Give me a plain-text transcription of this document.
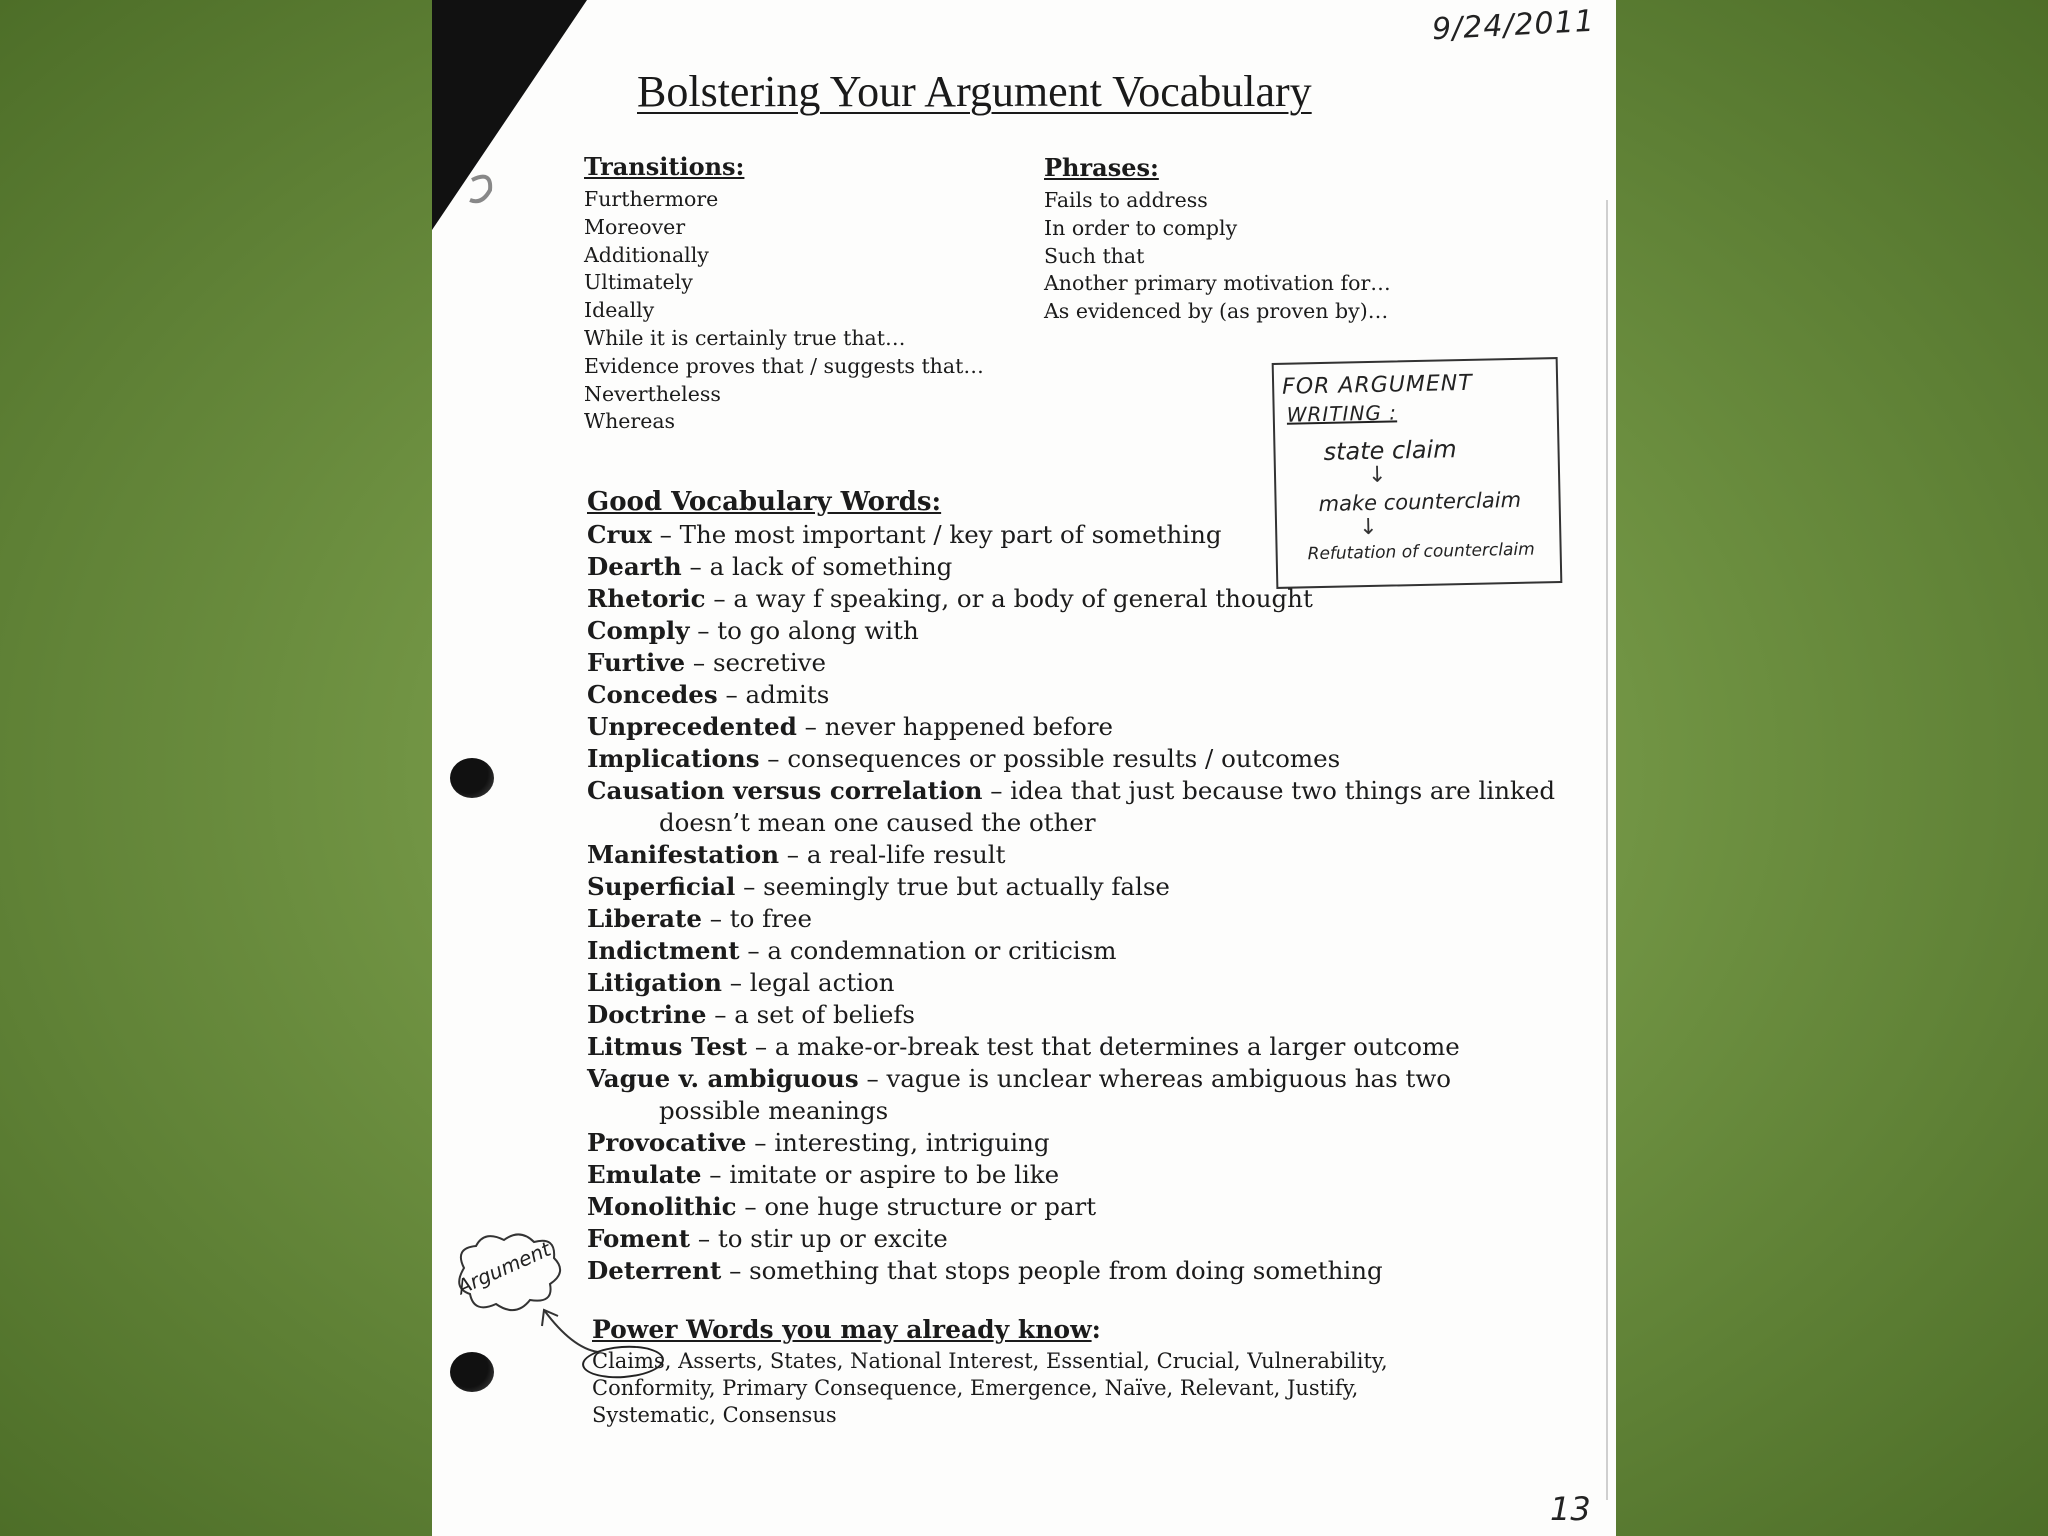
9/24/2011
Bolstering Your Argument Vocabulary
Transitions:
Furthermore
Moreover
Additionally
Ultimately
Ideally
While it is certainly true that…
Evidence proves that / suggests that…
Nevertheless
Whereas
Phrases:
Fails to address
In order to comply
Such that
Another primary motivation for…
As evidenced by (as proven by)…
FOR ARGUMENT
WRITING :
state claim
↓
make counterclaim
↓
Refutation of counterclaim
Good Vocabulary Words:
Crux – The most important / key part of something
Dearth – a lack of something
Rhetoric – a way f speaking, or a body of general thought
Comply – to go along with
Furtive – secretive
Concedes – admits
Unprecedented – never happened before
Implications – consequences or possible results / outcomes
Causation versus correlation – idea that just because two things are linked
doesn’t mean one caused the other
Manifestation – a real-life result
Superficial – seemingly true but actually false
Liberate – to free
Indictment – a condemnation or criticism
Litigation – legal action
Doctrine – a set of beliefs
Litmus Test – a make-or-break test that determines a larger outcome
Vague v. ambiguous – vague is unclear whereas ambiguous has two
possible meanings
Provocative – interesting, intriguing
Emulate – imitate or aspire to be like
Monolithic – one huge structure or part
Foment – to stir up or excite
Deterrent – something that stops people from doing something
Argument
Power Words you may already know:

Claims, Asserts, States, National Interest, Essential, Crucial, Vulnerability, Conformity, Primary Consequence, Emergence, Naïve, Relevant, Justify, Systematic, Consensus

13
